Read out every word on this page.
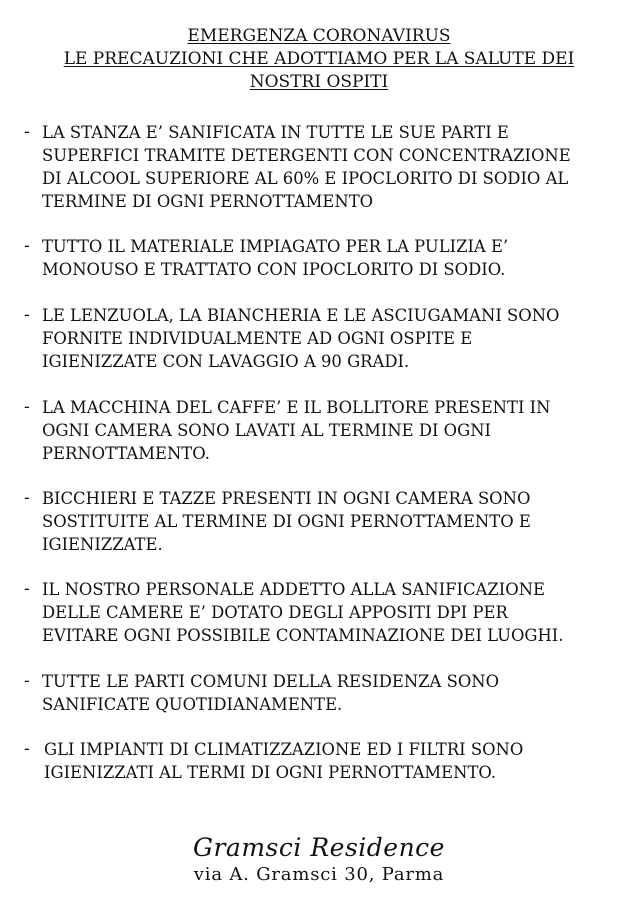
EMERGENZA CORONAVIRUS
LE PRECAUZIONI CHE ADOTTIAMO PER LA SALUTE DEI
NOSTRI OSPITI
- LA STANZA E’ SANIFICATA IN TUTTE LE SUE PARTI E
SUPERFICI TRAMITE DETERGENTI CON CONCENTRAZIONE
DI ALCOOL SUPERIORE AL 60% E IPOCLORITO DI SODIO AL
TERMINE DI OGNI PERNOTTAMENTO
- TUTTO IL MATERIALE IMPIAGATO PER LA PULIZIA E’
MONOUSO E TRATTATO CON IPOCLORITO DI SODIO.
- LE LENZUOLA, LA BIANCHERIA E LE ASCIUGAMANI SONO
FORNITE INDIVIDUALMENTE AD OGNI OSPITE E
IGIENIZZATE CON LAVAGGIO A 90 GRADI.
- LA MACCHINA DEL CAFFE’ E IL BOLLITORE PRESENTI IN
OGNI CAMERA SONO LAVATI AL TERMINE DI OGNI
PERNOTTAMENTO.
- BICCHIERI E TAZZE PRESENTI IN OGNI CAMERA SONO
SOSTITUITE AL TERMINE DI OGNI PERNOTTAMENTO E
IGIENIZZATE.
- IL NOSTRO PERSONALE ADDETTO ALLA SANIFICAZIONE
DELLE CAMERE E’ DOTATO DEGLI APPOSITI DPI PER
EVITARE OGNI POSSIBILE CONTAMINAZIONE DEI LUOGHI.
- TUTTE LE PARTI COMUNI DELLA RESIDENZA SONO
SANIFICATE QUOTIDIANAMENTE.
- GLI IMPIANTI DI CLIMATIZZAZIONE ED I FILTRI SONO
IGIENIZZATI AL TERMI DI OGNI PERNOTTAMENTO.
Gramsci Residence
via A. Gramsci 30, Parma
